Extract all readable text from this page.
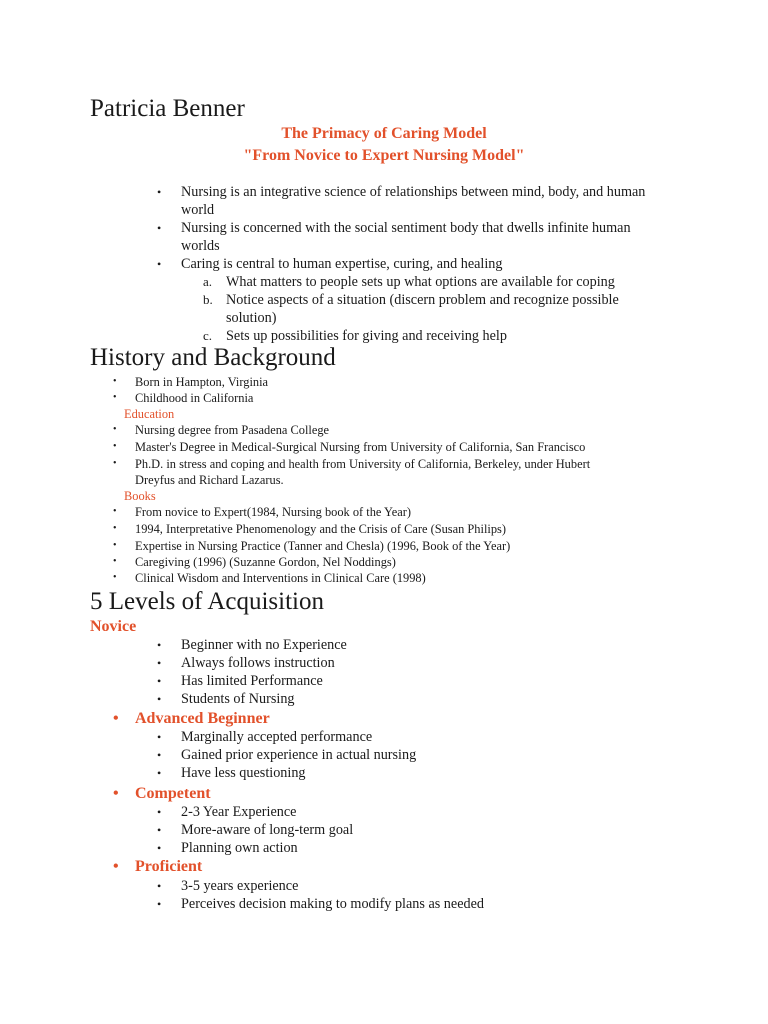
Patricia Benner
The Primacy of Caring Model
"From Novice to Expert Nursing Model"
• Nursing is an integrative science of relationships between mind, body, and human
world
• Nursing is concerned with the social sentiment body that dwells infinite human
worlds
• Caring is central to human expertise, curing, and healing
a. What matters to people sets up what options are available for coping
b. Notice aspects of a situation (discern problem and recognize possible
solution)
c. Sets up possibilities for giving and receiving help
History and Background
• Born in Hampton, Virginia
• Childhood in California
Education
• Nursing degree from Pasadena College
• Master's Degree in Medical-Surgical Nursing from University of California, San Francisco
• Ph.D. in stress and coping and health from University of California, Berkeley, under Hubert
Dreyfus and Richard Lazarus.
Books
• From novice to Expert(1984, Nursing book of the Year)
• 1994, Interpretative Phenomenology and the Crisis of Care (Susan Philips)
• Expertise in Nursing Practice (Tanner and Chesla) (1996, Book of the Year)
• Caregiving (1996) (Suzanne Gordon, Nel Noddings)
• Clinical Wisdom and Interventions in Clinical Care (1998)
5 Levels of Acquisition
Novice
• Beginner with no Experience
• Always follows instruction
• Has limited Performance
• Students of Nursing
• Advanced Beginner
• Marginally accepted performance
• Gained prior experience in actual nursing
• Have less questioning
• Competent
• 2-3 Year Experience
• More-aware of long-term goal
• Planning own action
• Proficient
• 3-5 years experience
• Perceives decision making to modify plans as needed
